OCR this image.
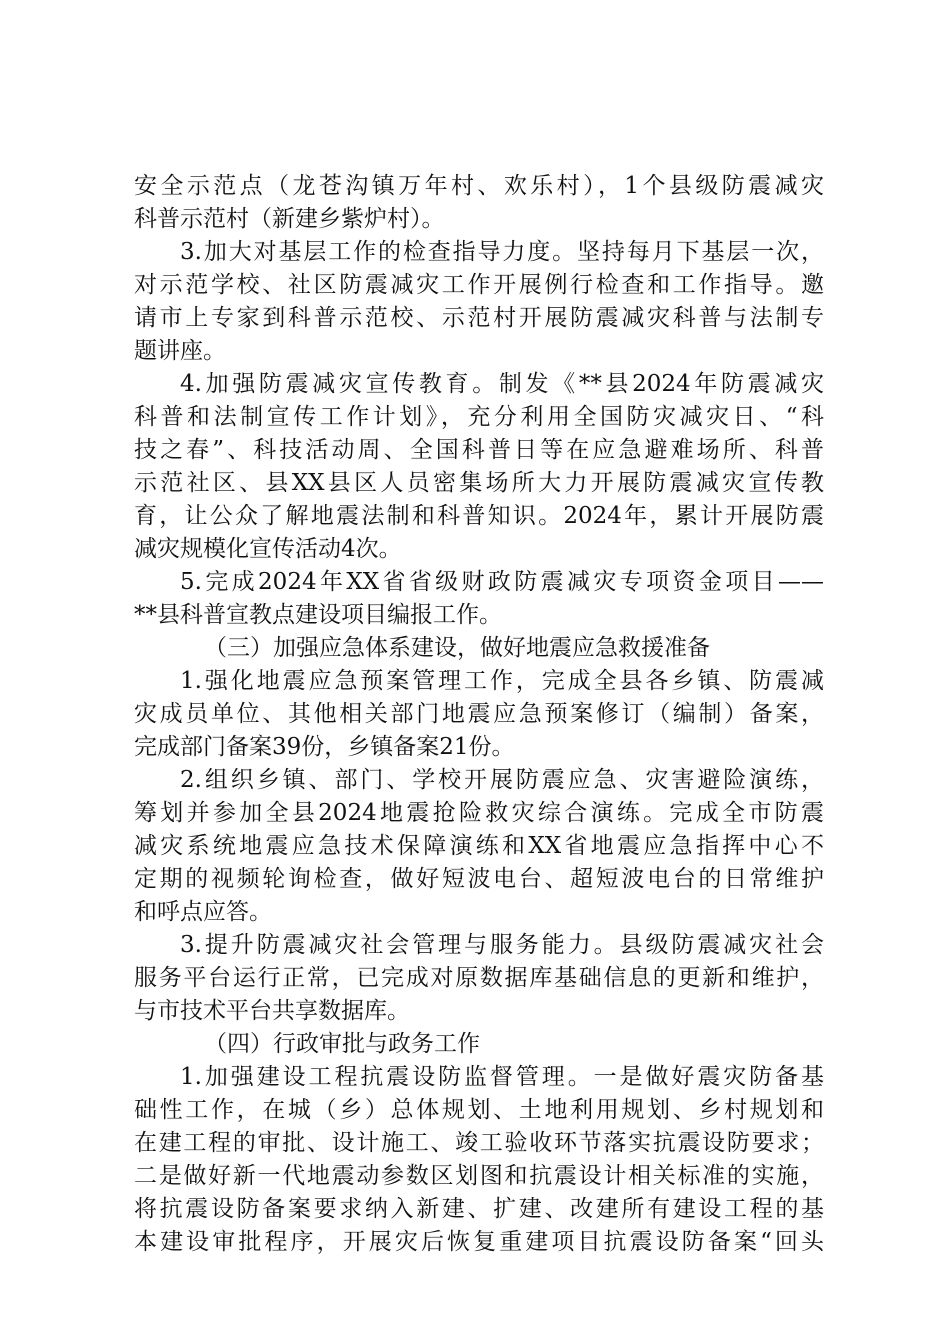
安全示范点（龙苍沟镇万年村、欢乐村），1个县级防震减灾
科普示范村（新建乡紫炉村）。
3.加大对基层工作的检查指导力度。坚持每月下基层一次，
对示范学校、社区防震减灾工作开展例行检查和工作指导。邀
请市上专家到科普示范校、示范村开展防震减灾科普与法制专
题讲座。
4.加强防震减灾宣传教育。制发《**县2024年防震减灾
科普和法制宣传工作计划》，充分利用全国防灾减灾日、“科
技之春”、科技活动周、全国科普日等在应急避难场所、科普
示范社区、县XX县区人员密集场所大力开展防震减灾宣传教
育，让公众了解地震法制和科普知识。2024年，累计开展防震
减灾规模化宣传活动4次。
5.完成2024年XX省省级财政防震减灾专项资金项目——
**县科普宣教点建设项目编报工作。
（三）加强应急体系建设，做好地震应急救援准备
1.强化地震应急预案管理工作，完成全县各乡镇、防震减
灾成员单位、其他相关部门地震应急预案修订（编制）备案，
完成部门备案39份，乡镇备案21份。
2.组织乡镇、部门、学校开展防震应急、灾害避险演练，
筹划并参加全县2024地震抢险救灾综合演练。完成全市防震
减灾系统地震应急技术保障演练和XX省地震应急指挥中心不
定期的视频轮询检查，做好短波电台、超短波电台的日常维护
和呼点应答。
3.提升防震减灾社会管理与服务能力。县级防震减灾社会
服务平台运行正常，已完成对原数据库基础信息的更新和维护，
与市技术平台共享数据库。
（四）行政审批与政务工作
1.加强建设工程抗震设防监督管理。一是做好震灾防备基
础性工作，在城（乡）总体规划、土地利用规划、乡村规划和
在建工程的审批、设计施工、竣工验收环节落实抗震设防要求；
二是做好新一代地震动参数区划图和抗震设计相关标准的实施，
将抗震设防备案要求纳入新建、扩建、改建所有建设工程的基
本建设审批程序，开展灾后恢复重建项目抗震设防备案“回头
